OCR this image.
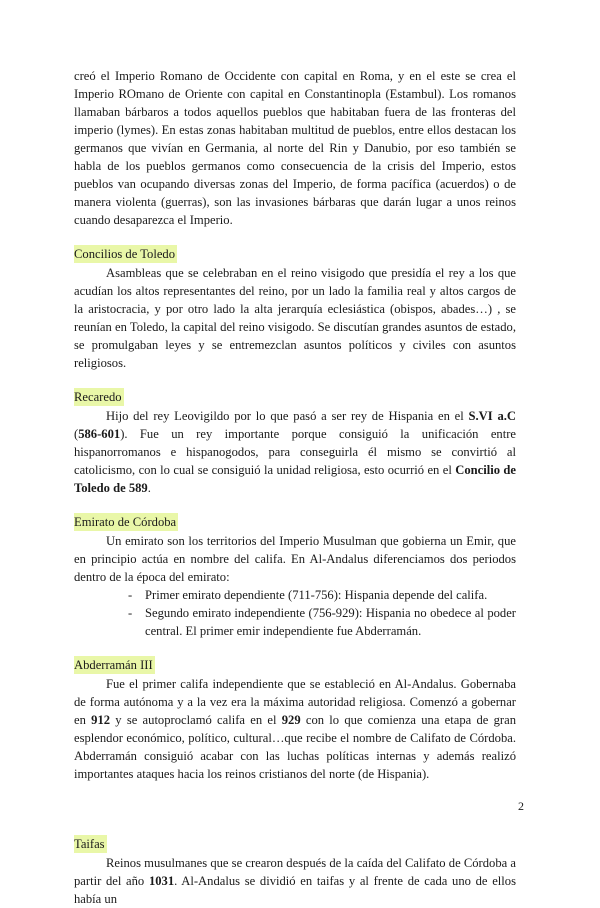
creó el Imperio Romano de Occidente con capital en Roma, y en el este se crea el Imperio ROmano de Oriente con capital en Constantinopla (Estambul). Los romanos llamaban bárbaros a todos aquellos pueblos que habitaban fuera de las fronteras del imperio (lymes). En estas zonas habitaban multitud de pueblos, entre ellos destacan los germanos que vivían en Germania, al norte del Rin y Danubio, por eso también se habla de los pueblos germanos como consecuencia de la crisis del Imperio, estos pueblos van ocupando diversas zonas del Imperio, de forma pacífica (acuerdos) o de manera violenta (guerras), son las invasiones bárbaras que darán lugar a unos reinos cuando desaparezca el Imperio.

Concilios de Toledo

Asambleas que se celebraban en el reino visigodo que presidía el rey a los que acudían los altos representantes del reino, por un lado la familia real y altos cargos de la aristocracia, y por otro lado la alta jerarquía eclesiástica (obispos, abades…) , se reunían en Toledo, la capital del reino visigodo. Se discutían grandes asuntos de estado, se promulgaban leyes y se entremezclan asuntos políticos y civiles con asuntos religiosos.

Recaredo

Hijo del rey Leovigildo por lo que pasó a ser rey de Hispania en el S.VI a.C (586-601). Fue un rey importante porque consiguió la unificación entre hispanorromanos e hispanogodos, para conseguirla él mismo se convirtió al catolicismo, con lo cual se consiguió la unidad religiosa, esto ocurrió en el Concilio de Toledo de 589.

Emirato de Córdoba

Un emirato son los territorios del Imperio Musulman que gobierna un Emir, que en principio actúa en nombre del califa. En Al-Andalus diferenciamos dos periodos dentro de la época del emirato:

- Primer emirato dependiente (711-756): Hispania depende del califa.
- Segundo emirato independiente (756-929): Hispania no obedece al poder central. El primer emir independiente fue Abderramán.
Abderramán III

Fue el primer califa independiente que se estableció en Al-Andalus. Gobernaba de forma autónoma y a la vez era la máxima autoridad religiosa. Comenzó a gobernar en 912 y se autoproclamó califa en el 929 con lo que comienza una etapa de gran esplendor económico, político, cultural…que recibe el nombre de Califato de Córdoba. Abderramán consiguió acabar con las luchas políticas internas y además realizó importantes ataques hacia los reinos cristianos del norte (de Hispania).

Taifas

Reinos musulmanes que se crearon después de la caída del Califato de Córdoba a partir del año 1031. Al-Andalus se dividió en taifas y al frente de cada uno de ellos había un

2
